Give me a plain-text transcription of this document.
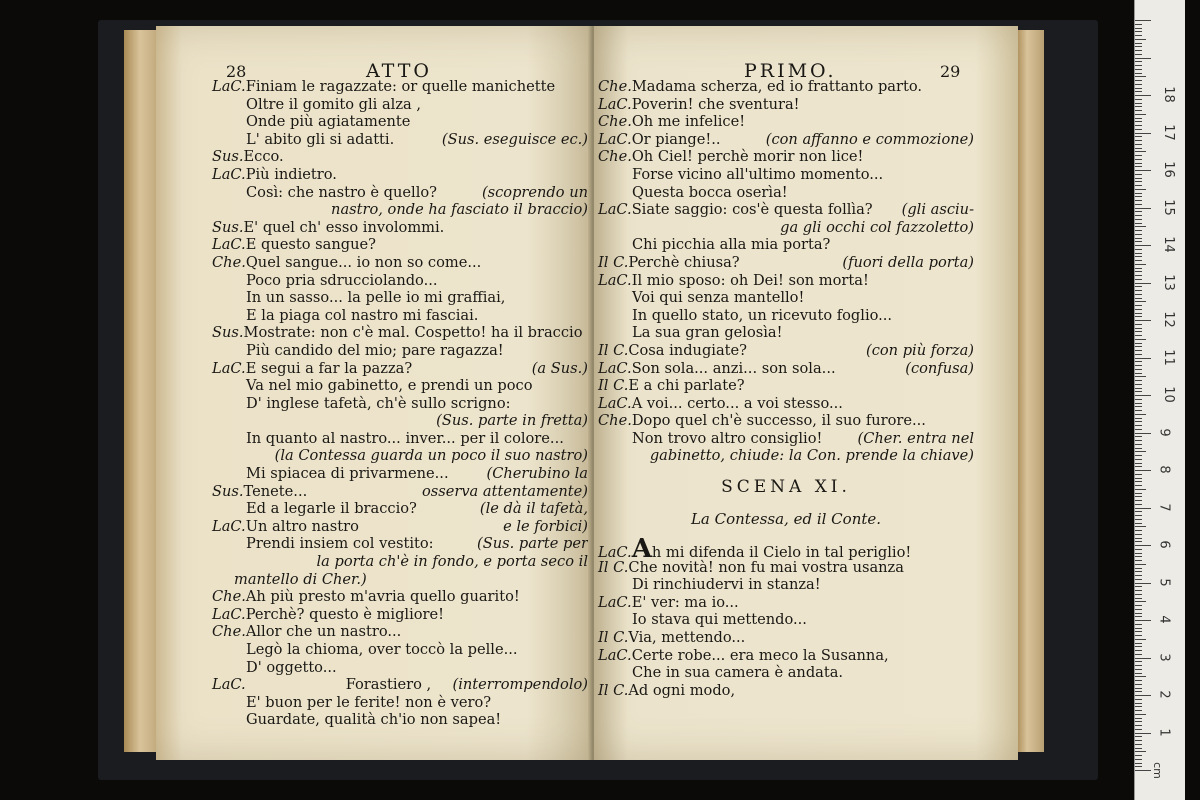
28	ATTO
LaC.Finiam le ragazzate: or quelle manichette
Oltre il gomito gli alza ,
Onde più agiatamente
L' abito gli si adatti.	(Sus. eseguisce ec.)
Sus.Ecco.
LaC.Più indietro.
Così: che nastro è quello?	(scoprendo un
nastro, onde ha fasciato il braccio)
Sus.E' quel ch' esso involommi.
LaC.E questo sangue?
Che.Quel sangue... io non so come...
Poco pria sdrucciolando...
In un sasso... la pelle io mi graffiai,
E la piaga col nastro mi fasciai.
Sus.Mostrate: non c'è mal. Cospetto! ha il braccio
Più candido del mio; pare ragazza!
LaC.E segui a far la pazza?	(a Sus.)
Va nel mio gabinetto, e prendi un poco
D' inglese tafetà, ch'è sullo scrigno:
(Sus. parte in fretta)
In quanto al nastro... inver... per il colore...
(la Contessa guarda un poco il suo nastro)
Mi spiacea di privarmene...	(Cherubino la
Sus.Tenete...	osserva attentamente)
Ed a legarle il braccio?	(le dà il tafetà,
LaC.Un altro nastro	e le forbici)
Prendi insiem col vestito:	(Sus. parte per
la porta ch'è in fondo, e porta seco il
mantello di Cher.)
Che.Ah più presto m'avria quello guarito!
LaC.Perchè? questo è migliore!
Che.Allor che un nastro...
Legò la chioma, over toccò la pelle...
D' oggetto...
LaC.	Forastiero , (interrompendolo)
E' buon per le ferite! non è vero?
Guardate, qualità ch'io non sapea!
PRIMO.	29
Che.Madama scherza, ed io frattanto parto.
LaC.Poverin! che sventura!
Che.Oh me infelice!
LaC.Or piange!..	(con affanno e commozione)
Che.Oh Ciel! perchè morir non lice!
Forse vicino all'ultimo momento...
Questa bocca oserìa!
LaC.Siate saggio: cos'è questa follìa? (gli asciu-
ga gli occhi col fazzoletto)
Chi picchia alla mia porta?
Il C.Perchè chiusa?	(fuori della porta)
LaC.Il mio sposo: oh Dei! son morta!
Voi qui senza mantello!
In quello stato, un ricevuto foglio...
La sua gran gelosìa!
Il C.Cosa indugiate?	(con più forza)
LaC.Son sola... anzi... son sola...	(confusa)
Il C.E a chi parlate?
LaC.A voi... certo... a voi stesso...
Che.Dopo quel ch'è successo, il suo furore...
Non trovo altro consiglio! (Cher. entra nel
gabinetto, chiude: la Con. prende la chiave)
SCENA XI.
La Contessa, ed il Conte.
LaC.Ah mi difenda il Cielo in tal periglio!
Il C.Che novità! non fu mai vostra usanza
Di rinchiudervi in stanza!
LaC.E' ver: ma io...
Io stava qui mettendo...
Il C.Via, mettendo...
LaC.Certe robe... era meco la Susanna,
Che in sua camera è andata.
Il C.Ad ogni modo,
cm
1
2
3
4
5
6
7
8
9
10
11
12
13
14
15
16
17
18
